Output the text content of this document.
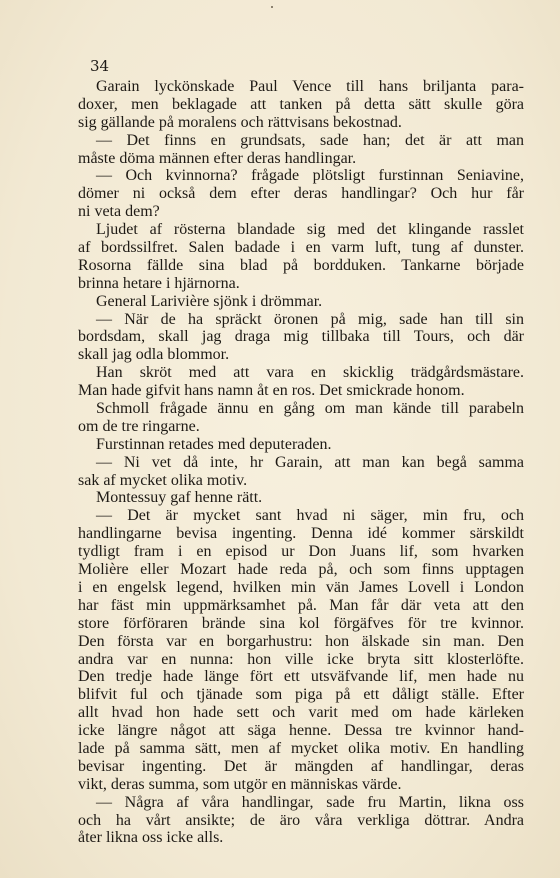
34
Garain lyckönskade Paul Vence till hans briljanta para-
doxer, men beklagade att tanken på detta sätt skulle göra
sig gällande på moralens och rättvisans bekostnad.
— Det finns en grundsats, sade han; det är att man
måste döma männen efter deras handlingar.
— Och kvinnorna? frågade plötsligt furstinnan Seniavine,
dömer ni också dem efter deras handlingar? Och hur får
ni veta dem?
Ljudet af rösterna blandade sig med det klingande rasslet
af bordssilfret. Salen badade i en varm luft, tung af dunster.
Rosorna fällde sina blad på bordduken. Tankarne började
brinna hetare i hjärnorna.
General Larivière sjönk i drömmar.
— När de ha spräckt öronen på mig, sade han till sin
bordsdam, skall jag draga mig tillbaka till Tours, och där
skall jag odla blommor.
Han skröt med att vara en skicklig trädgårdsmästare.
Man hade gifvit hans namn åt en ros. Det smickrade honom.
Schmoll frågade ännu en gång om man kände till parabeln
om de tre ringarne.
Furstinnan retades med deputeraden.
— Ni vet då inte, hr Garain, att man kan begå samma
sak af mycket olika motiv.
Montessuy gaf henne rätt.
— Det är mycket sant hvad ni säger, min fru, och
handlingarne bevisa ingenting. Denna idé kommer särskildt
tydligt fram i en episod ur Don Juans lif, som hvarken
Molière eller Mozart hade reda på, och som finns upptagen
i en engelsk legend, hvilken min vän James Lovell i London
har fäst min uppmärksamhet på. Man får där veta att den
store förföraren brände sina kol förgäfves för tre kvinnor.
Den första var en borgarhustru: hon älskade sin man. Den
andra var en nunna: hon ville icke bryta sitt klosterlöfte.
Den tredje hade länge fört ett utsväfvande lif, men hade nu
blifvit ful och tjänade som piga på ett dåligt ställe. Efter
allt hvad hon hade sett och varit med om hade kärleken
icke längre något att säga henne. Dessa tre kvinnor hand-
lade på samma sätt, men af mycket olika motiv. En handling
bevisar ingenting. Det är mängden af handlingar, deras
vikt, deras summa, som utgör en människas värde.
— Några af våra handlingar, sade fru Martin, likna oss
och ha vårt ansikte; de äro våra verkliga döttrar. Andra
åter likna oss icke alls.
